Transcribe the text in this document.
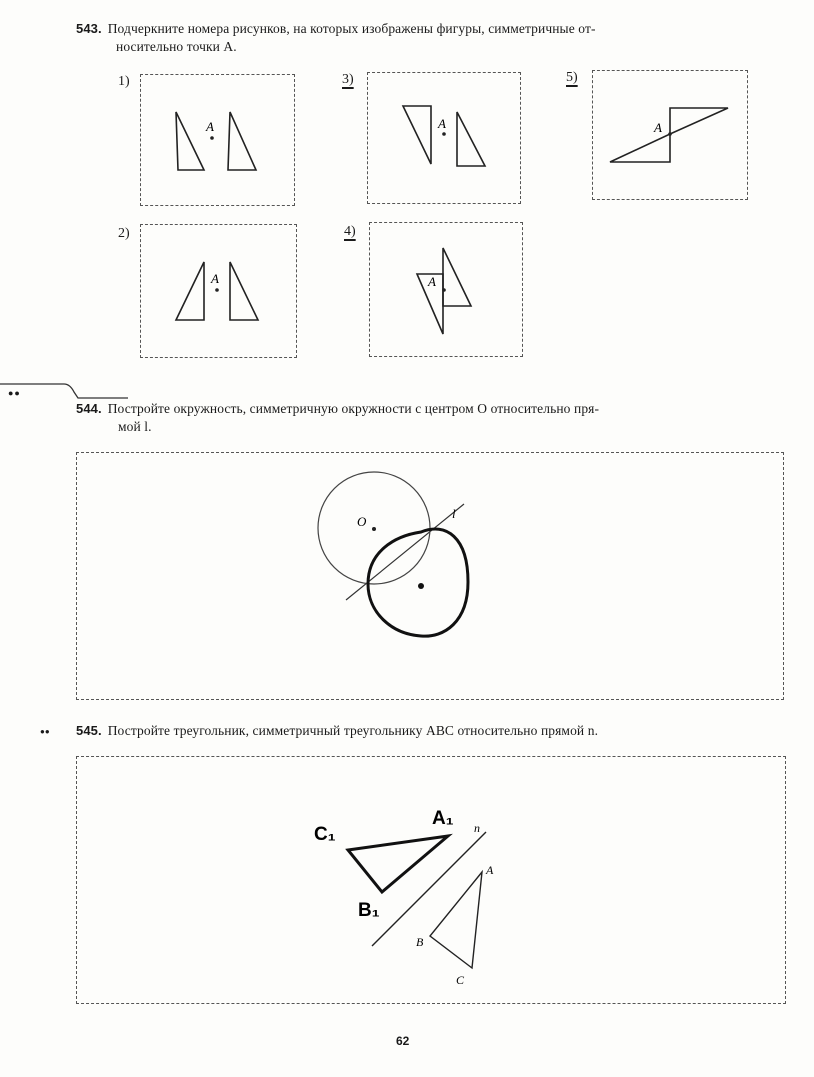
543. Подчеркните номера рисунков, на которых изображены фигуры, симметричные от-
носительно точки A.
1)
A
3)
A
5)
A
2)
A
4)
A
●●
544. Постройте окружность, симметричную окружности с центром O относительно пря-
мой l.
l
O
●● 545. Постройте треугольник, симметричный треугольнику ABC относительно прямой n.
n
A
B
C
A₁
B₁
C₁
62
